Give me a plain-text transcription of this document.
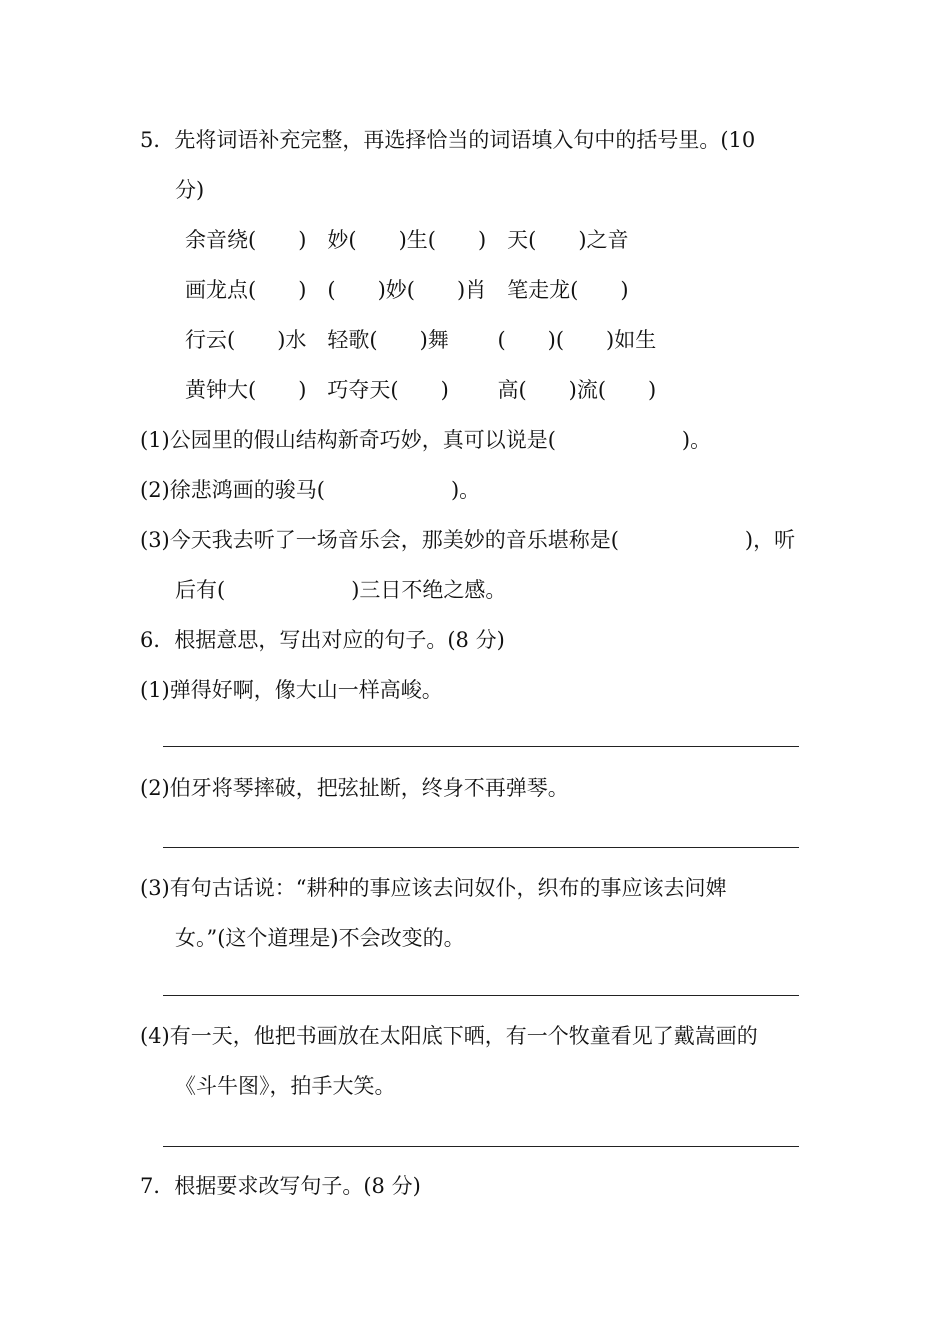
5．先将词语补充完整，再选择恰当的词语填入句中的括号里。(10
分)
余音绕(　　)　妙(　　)生(　　)　天(　　)之音
画龙点(　　)　(　　)妙(　　)肖　笔走龙(　　)
行云(　　)水　轻歌(　　)舞　　 (　　)(　　)如生
黄钟大(　　)　巧夺天(　　)　　 高(　　)流(　　)
(1)公园里的假山结构新奇巧妙，真可以说是(　　　　　　)。
(2)徐悲鸿画的骏马(　　　　　　)。
(3)今天我去听了一场音乐会，那美妙的音乐堪称是(　　　　　　)，听
后有(　　　　　　)三日不绝之感。
6．根据意思，写出对应的句子。(8 分)
(1)弹得好啊，像大山一样高峻。
(2)伯牙将琴摔破，把弦扯断，终身不再弹琴。
(3)有句古话说：“耕种的事应该去问奴仆，织布的事应该去问婢
女。”(这个道理是)不会改变的。
(4)有一天，他把书画放在太阳底下晒，有一个牧童看见了戴嵩画的
《斗牛图》，拍手大笑。
7．根据要求改写句子。(8 分)
